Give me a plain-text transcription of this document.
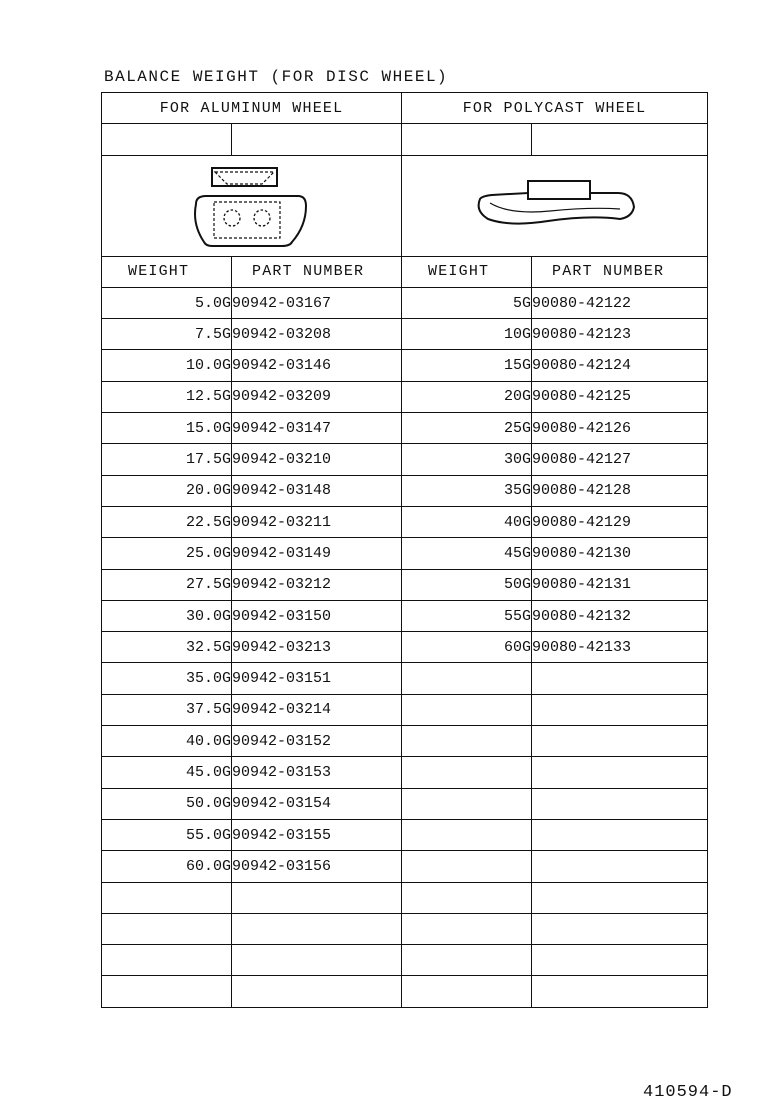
BALANCE WEIGHT (FOR DISC WHEEL)
FOR ALUMINUM WHEEL		FOR POLYCAST WHEEL	

WEIGHT	PART NUMBER	WEIGHT	PART NUMBER
5.0G	90942-03167	5G	90080-42122
7.5G	90942-03208	10G	90080-42123
10.0G	90942-03146	15G	90080-42124
12.5G	90942-03209	20G	90080-42125
15.0G	90942-03147	25G	90080-42126
17.5G	90942-03210	30G	90080-42127
20.0G	90942-03148	35G	90080-42128
22.5G	90942-03211	40G	90080-42129
25.0G	90942-03149	45G	90080-42130
27.5G	90942-03212	50G	90080-42131
30.0G	90942-03150	55G	90080-42132
32.5G	90942-03213	60G	90080-42133
35.0G	90942-03151		
37.5G	90942-03214		
40.0G	90942-03152		
45.0G	90942-03153		
50.0G	90942-03154		
55.0G	90942-03155		
60.0G	90942-03156		

410594-D
